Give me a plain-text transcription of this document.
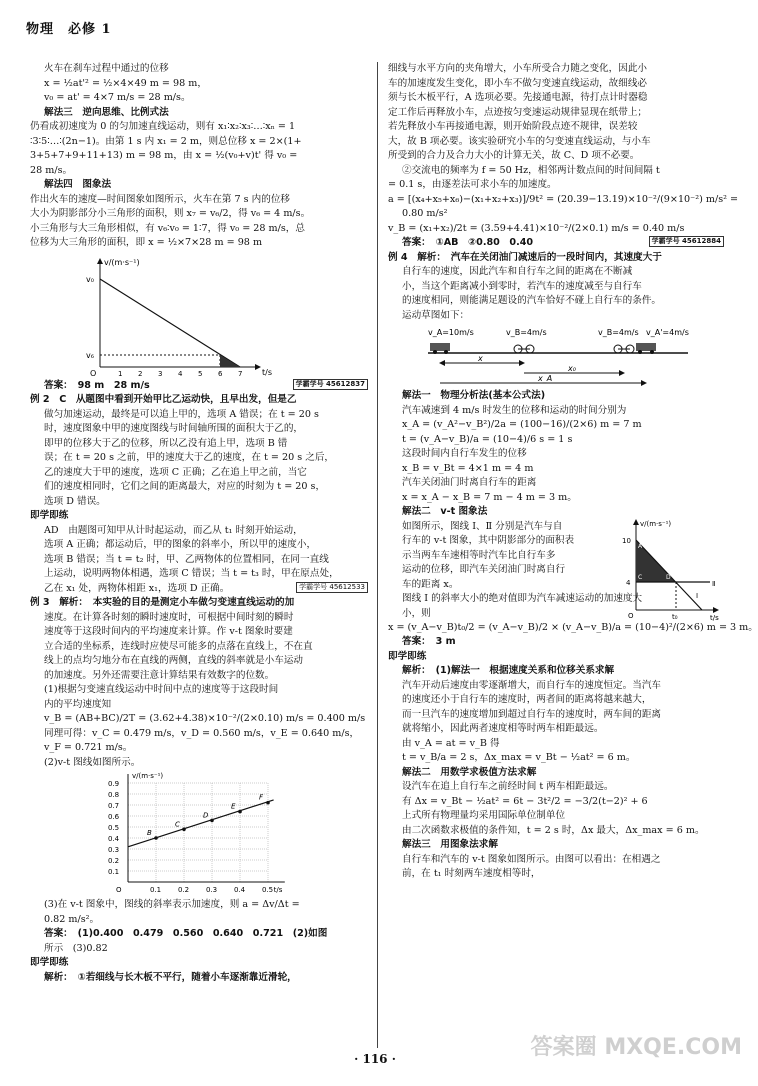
物理　必修 1
火车在刹车过程中通过的位移
x = ½at'² = ½×4×49 m = 98 m，
v₀ = at' = 4×7 m/s = 28 m/s。
解法三　逆向思维、比例式法
仍看成初速度为 0 的匀加速直线运动，则有 x₁∶x₂∶x₃∶…∶xₙ = 1
∶3∶5∶…∶(2n−1)。由第 1 s 内 x₁ = 2 m，则总位移 x = 2×(1+
3+5+7+9+11+13) m = 98 m，由 x = ½(v₀+v)t' 得 v₀ =
28 m/s。
解法四　图象法
作出火车的速度—时间图象如图所示，火车在第 7 s 内的位移
大小为阴影部分小三角形的面积，则 x₇ = v₆/2，得 v₆ = 4 m/s。
小三角形与大三角形相似，有 v₆∶v₀ = 1∶7，得 v₀ = 28 m/s，总
位移为大三角形的面积，即 x = ½×7×28 m = 98 m
v/(m·s⁻¹)
t/s
v₀
v₆
O	1 2 3 4 5 6 7
答案：　98 m　28 m/s	学霸学号 45612837
例 2　C　从题图中看到开始甲比乙运动快，且早出发，但是乙
做匀加速运动，最终是可以追上甲的，选项 A 错误；在 t = 20 s
时，速度图象中甲的速度图线与时间轴所围的面积大于乙的，
即甲的位移大于乙的位移，所以乙没有追上甲，选项 B 错
误；在 t = 20 s 之前，甲的速度大于乙的速度，在 t = 20 s 之后，
乙的速度大于甲的速度，选项 C 正确；乙在追上甲之前，当它
们的速度相同时，它们之间的距离最大，对应的时刻为 t = 20 s，
选项 D 错误。
即学即练
AD　由题图可知甲从计时起运动，而乙从 t₁ 时刻开始运动，
选项 A 正确；都运动后，甲的图象的斜率小，所以甲的速度小，
选项 B 错误；当 t = t₂ 时，甲、乙两物体的位置相同，在同一直线
上运动，说明两物体相遇，选项 C 错误；当 t = t₃ 时，甲在原点处，
乙在 x₁ 处，两物体相距 x₁，选项 D 正确。	学霸学号 45612533
例 3　解析：　本实验的目的是测定小车做匀变速直线运动的加
速度。在计算各时刻的瞬时速度时，可根据中间时刻的瞬时
速度等于这段时间内的平均速度来计算。作 v-t 图象时要建
立合适的坐标系，连线时应使尽可能多的点落在直线上，不在直
线上的点均匀地分布在直线的两侧，直线的斜率就是小车运动
的加速度。另外还需要注意计算结果有效数字的位数。
(1)根据匀变速直线运动中时间中点的速度等于这段时间
内的平均速度知
v_B = (AB+BC)/2T = (3.62+4.38)×10⁻²/(2×0.10) m/s = 0.400 m/s
同理可得：v_C = 0.479 m/s，v_D = 0.560 m/s，v_E = 0.640 m/s，
v_F = 0.721 m/s。
(2)v-t 图线如图所示。
0.1
0.2
0.3
0.4
0.5
0.6
0.7
0.8
0.9
0.1 0.2 0.3 0.4 0.5
O
v/(m·s⁻¹)
t/s
B
C
D
E
F
(3)在 v-t 图象中，图线的斜率表示加速度，则 a = Δv/Δt =
0.82 m/s²。
答案：　(1)0.400　0.479　0.560　0.640　0.721　(2)如图
所示　(3)0.82
即学即练
解析：　①若细线与长木板不平行，随着小车逐渐靠近滑轮，
细线与水平方向的夹角增大，小车所受合力随之变化，因此小
车的加速度发生变化，即小车不做匀变速直线运动，故细线必
须与长木板平行，A 选项必要。先接通电源，待打点计时器稳
定工作后再释放小车，点迹按匀变速运动规律显现在纸带上；
若先释放小车再接通电源，则开始阶段点迹不规律，误差较
大，故 B 项必要。该实验研究小车的匀变速直线运动，与小车
所受到的合力及合力大小的计算无关，故 C、D 项不必要。
②交流电的频率为 f = 50 Hz，相邻两计数点间的时间间隔 t
= 0.1 s，由逐差法可求小车的加速度。
a = [(x₄+x₅+x₆)−(x₁+x₂+x₃)]/9t² = (20.39−13.19)×10⁻²/(9×10⁻²) m/s² =
0.80 m/s²
v_B = (x₁+x₂)/2t = (3.59+4.41)×10⁻²/(2×0.1) m/s = 0.40 m/s
答案：　①AB　②0.80　0.40	学霸学号 45612884
例 4　解析：　汽车在关闭油门减速后的一段时间内，其速度大于
自行车的速度，因此汽车和自行车之间的距离在不断减
小，当这个距离减小到零时，若汽车的速度减至与自行车
的速度相同，则能满足题设的汽车恰好不碰上自行车的条件。
运动草图如下：
v_A=10m/s	v_B=4m/s	v_B=4m/s v_A'=4m/s
x
x₀
x_A
解法一　物理分析法(基本公式法)
汽车减速到 4 m/s 时发生的位移和运动的时间分别为
x_A = (v_A²−v_B²)/2a = (100−16)/(2×6) m = 7 m
t = (v_A−v_B)/a = (10−4)/6 s = 1 s
这段时间内自行车发生的位移
x_B = v_Bt = 4×1 m = 4 m
汽车关闭油门时离自行车的距离
x = x_A − x_B = 7 m − 4 m = 3 m。
解法二　v-t 图象法
如图所示，图线 Ⅰ、Ⅱ 分别是汽车与自
行车的 v-t 图象，其中阴影部分的面积表
示当两车车速相等时汽车比自行车多
运动的位移，即汽车关闭油门时离自行
车的距离 x。
图线 Ⅰ 的斜率大小的绝对值即为汽车减速运动的加速度大
小，则
v/(m·s⁻¹)
t/s
10
4
O	t₀
Ⅰ
Ⅱ
A
C	D
x = (v_A−v_B)t₀/2 = (v_A−v_B)/2 × (v_A−v_B)/a = (10−4)²/(2×6) m = 3 m。
答案：　3 m
即学即练
解析：　(1)解法一　根据速度关系和位移关系求解
汽车开动后速度由零逐渐增大，而自行车的速度恒定。当汽车
的速度还小于自行车的速度时，两者间的距离将越来越大，
而一旦汽车的速度增加到超过自行车的速度时，两车间的距离
就将缩小，因此两者速度相等时两车相距最远。
由 v_A = at = v_B 得
t = v_B/a = 2 s，Δx_max = v_Bt − ½at² = 6 m。
解法二　用数学求极值方法求解
设汽车在追上自行车之前经时间 t 两车相距最远。
有 Δx = v_Bt − ½at² = 6t − 3t²/2 = −3/2(t−2)² + 6
上式所有物理量均采用国际单位制单位
由二次函数求极值的条件知，t = 2 s 时，Δx 最大，Δx_max = 6 m。
解法三　用图象法求解
自行车和汽车的 v-t 图象如图所示。由图可以看出：在相遇之
前，在 t₁ 时刻两车速度相等时，
答案圈 MXQE.COM
· 116 ·
